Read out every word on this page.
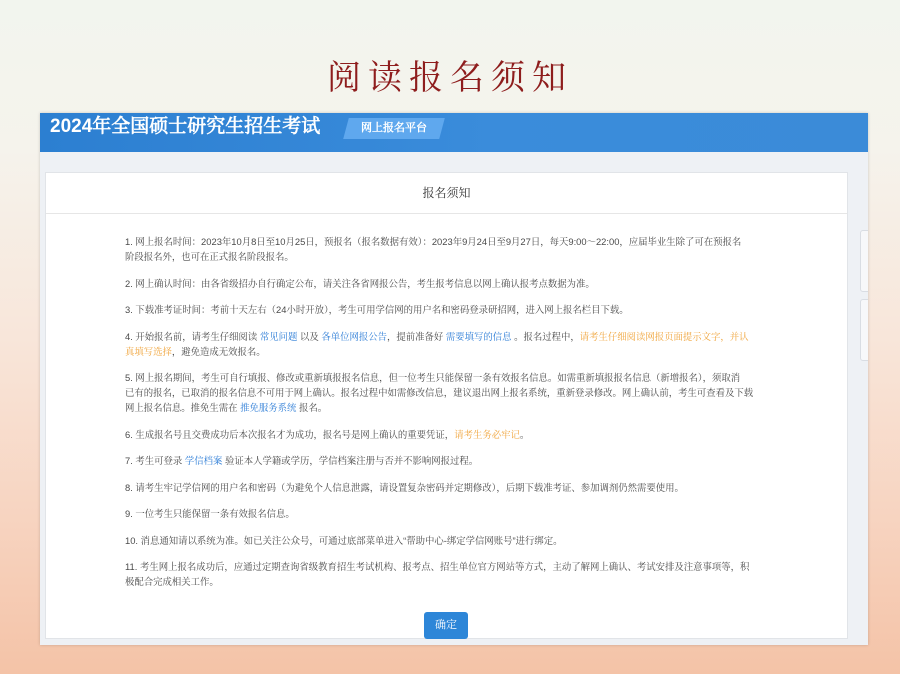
阅读报名须知
2024年全国硕士研究生招生考试	网上报名平台
报名须知
1. 网上报名时间：2023年10月8日至10月25日，预报名（报名数据有效）：2023年9月24日至9月27日，每天9:00～22:00，应届毕业生除了可在预报名
阶段报名外，也可在正式报名阶段报名。
2. 网上确认时间：由各省级招办自行确定公布，请关注各省网报公告，考生报考信息以网上确认报考点数据为准。
3. 下载准考证时间：考前十天左右（24小时开放），考生可用学信网的用户名和密码登录研招网，进入网上报名栏目下载。
4. 开始报名前，请考生仔细阅读 常见问题 以及 各单位网报公告，提前准备好 需要填写的信息 。报名过程中，请考生仔细阅读网报页面提示文字，并认
真填写选择，避免造成无效报名。
5. 网上报名期间，考生可自行填报、修改或重新填报报名信息，但一位考生只能保留一条有效报名信息。如需重新填报报名信息（新增报名），须取消
已有的报名，已取消的报名信息不可用于网上确认。报名过程中如需修改信息，建议退出网上报名系统，重新登录修改。网上确认前，考生可查看及下载
网上报名信息。推免生需在 推免服务系统 报名。
6. 生成报名号且交费成功后本次报名才为成功，报名号是网上确认的重要凭证，请考生务必牢记。
7. 考生可登录 学信档案 验证本人学籍或学历，学信档案注册与否并不影响网报过程。
8. 请考生牢记学信网的用户名和密码（为避免个人信息泄露，请设置复杂密码并定期修改），后期下载准考证、参加调剂仍然需要使用。
9. 一位考生只能保留一条有效报名信息。
10. 消息通知请以系统为准。如已关注公众号，可通过底部菜单进入“帮助中心-绑定学信网账号”进行绑定。
11. 考生网上报名成功后，应通过定期查询省级教育招生考试机构、报考点、招生单位官方网站等方式，主动了解网上确认、考试安排及注意事项等，积
极配合完成相关工作。
确定
